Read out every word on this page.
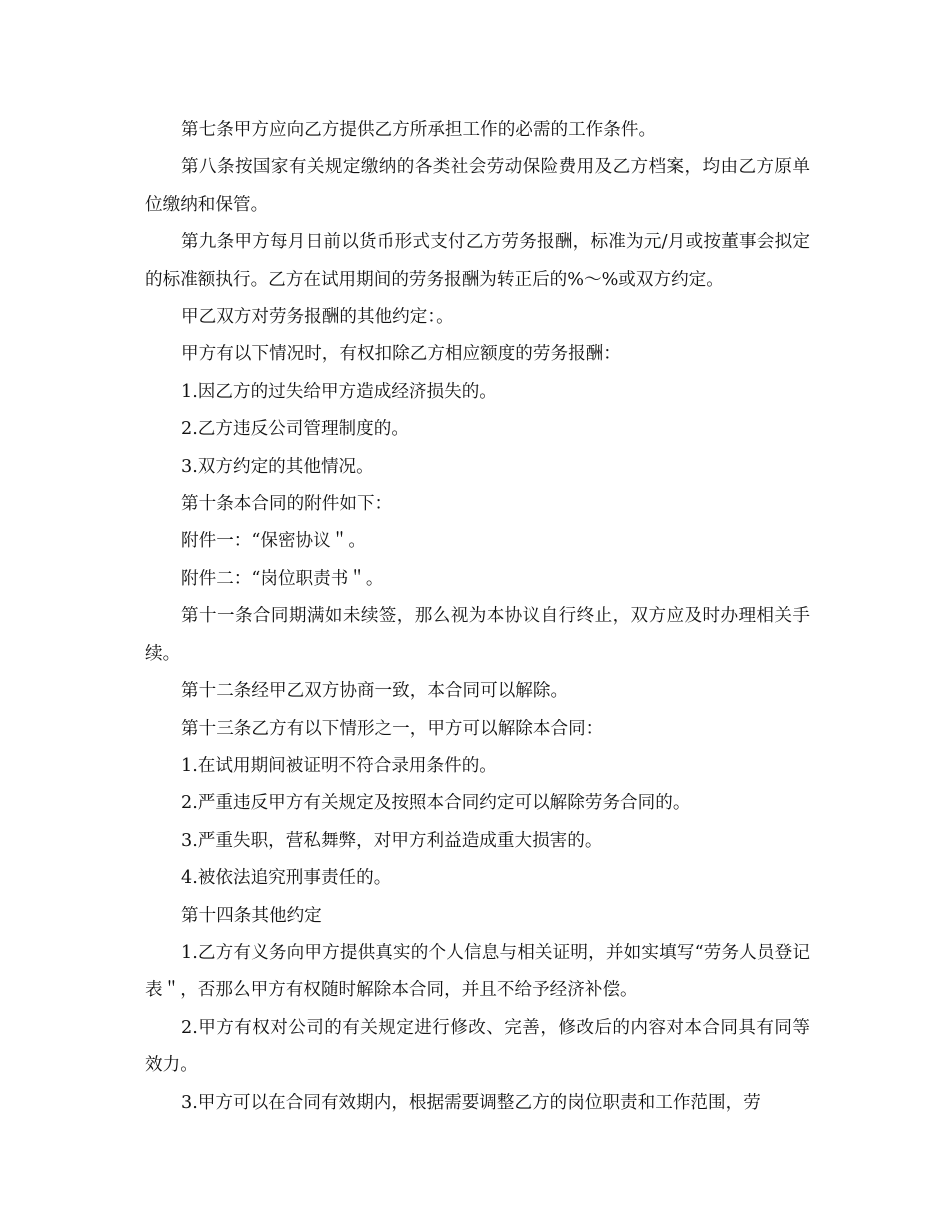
第七条甲方应向乙方提供乙方所承担工作的必需的工作条件。

第八条按国家有关规定缴纳的各类社会劳动保险费用及乙方档案，均由乙方原单位缴纳和保管。

第九条甲方每月日前以货币形式支付乙方劳务报酬，标准为元/月或按董事会拟定的标准额执行。乙方在试用期间的劳务报酬为转正后的%～%或双方约定。

甲乙双方对劳务报酬的其他约定：。

甲方有以下情况时，有权扣除乙方相应额度的劳务报酬：

1.因乙方的过失给甲方造成经济损失的。

2.乙方违反公司管理制度的。

3.双方约定的其他情况。

第十条本合同的附件如下：

附件一：“保密协议＂。

附件二：“岗位职责书＂。

第十一条合同期满如未续签，那么视为本协议自行终止，双方应及时办理相关手续。

第十二条经甲乙双方协商一致，本合同可以解除。

第十三条乙方有以下情形之一，甲方可以解除本合同：

1.在试用期间被证明不符合录用条件的。

2.严重违反甲方有关规定及按照本合同约定可以解除劳务合同的。

3.严重失职，营私舞弊，对甲方利益造成重大损害的。

4.被依法追究刑事责任的。

第十四条其他约定

1.乙方有义务向甲方提供真实的个人信息与相关证明，并如实填写“劳务人员登记表＂，否那么甲方有权随时解除本合同，并且不给予经济补偿。

2.甲方有权对公司的有关规定进行修改、完善，修改后的内容对本合同具有同等效力。

3.甲方可以在合同有效期内，根据需要调整乙方的岗位职责和工作范围，劳
